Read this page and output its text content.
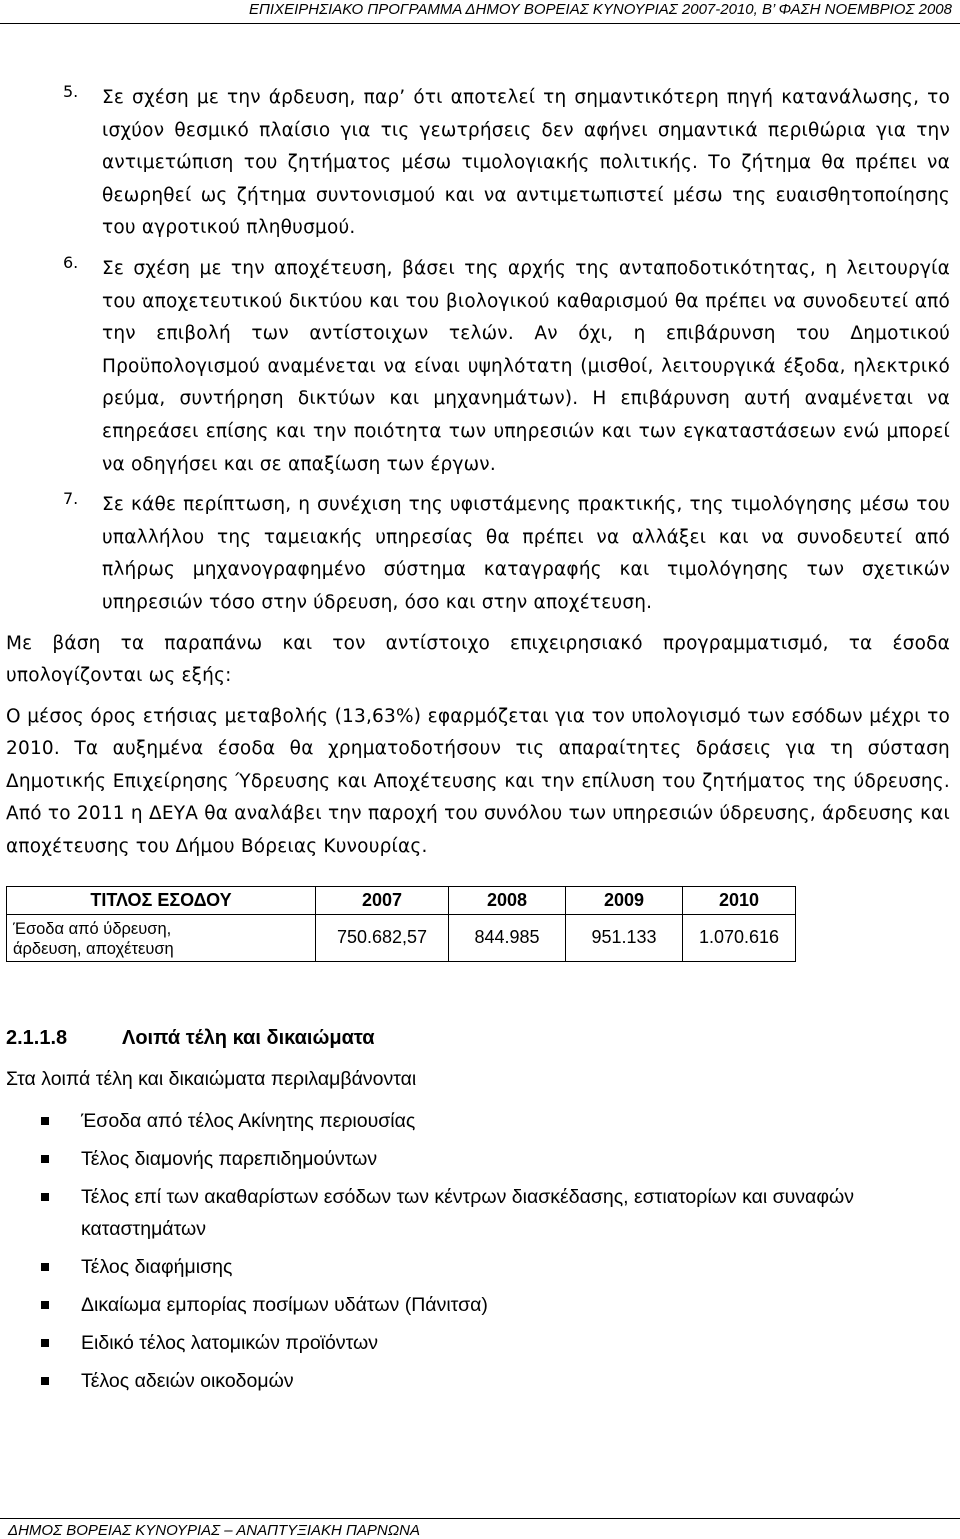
ΕΠΙΧΕΙΡΗΣΙΑΚΟ ΠΡΟΓΡΑΜΜΑ ΔΗΜΟΥ ΒΟΡΕΙΑΣ ΚΥΝΟΥΡΙΑΣ 2007-2010, Β’ ΦΑΣΗ ΝΟΕΜΒΡΙΟΣ 2008
5. Σε σχέση με την άρδευση, παρ’ ότι αποτελεί τη σημαντικότερη πηγή κατανάλωσης, το ισχύον θεσμικό πλαίσιο για τις γεωτρήσεις δεν αφήνει σημαντικά περιθώρια για την αντιμετώπιση του ζητήματος μέσω τιμολογιακής πολιτικής. Το ζήτημα θα πρέπει να θεωρηθεί ως ζήτημα συντονισμού και να αντιμετωπιστεί μέσω της ευαισθητοποίησης του αγροτικού πληθυσμού.

6. Σε σχέση με την αποχέτευση, βάσει της αρχής της ανταποδοτικότητας, η λειτουργία του αποχετευτικού δικτύου και του βιολογικού καθαρισμού θα πρέπει να συνοδευτεί από την επιβολή των αντίστοιχων τελών. Αν όχι, η επιβάρυνση του Δημοτικού Προϋπολογισμού αναμένεται να είναι υψηλότατη (μισθοί, λειτουργικά έξοδα, ηλεκτρικό ρεύμα, συντήρηση δικτύων και μηχανημάτων). Η επιβάρυνση αυτή αναμένεται να επηρεάσει επίσης και την ποιότητα των υπηρεσιών και των εγκαταστάσεων ενώ μπορεί να οδηγήσει και σε απαξίωση των έργων.

7. Σε κάθε περίπτωση, η συνέχιση της υφιστάμενης πρακτικής, της τιμολόγησης μέσω του υπαλλήλου της ταμειακής υπηρεσίας θα πρέπει να αλλάξει και να συνοδευτεί από πλήρως μηχανογραφημένο σύστημα καταγραφής και τιμολόγησης των σχετικών υπηρεσιών τόσο στην ύδρευση, όσο και στην αποχέτευση.

Με βάση τα παραπάνω και τον αντίστοιχο επιχειρησιακό προγραμματισμό, τα έσοδα υπολογίζονται ως εξής:

Ο μέσος όρος ετήσιας μεταβολής (13,63%) εφαρμόζεται για τον υπολογισμό των εσόδων μέχρι το 2010. Τα αυξημένα έσοδα θα χρηματοδοτήσουν τις απαραίτητες δράσεις για τη σύσταση Δημοτικής Επιχείρησης Ύδρευσης και Αποχέτευσης και την επίλυση του ζητήματος της ύδρευσης. Από το 2011 η ΔΕΥΑ θα αναλάβει την παροχή του συνόλου των υπηρεσιών ύδρευσης, άρδευσης και αποχέτευσης του Δήμου Βόρειας Κυνουρίας.

ΤΙΤΛΟΣ ΕΣΟΔΟΥ	2007	2008	2009	2010

Έσοδα από ύδρευση,
άρδευση, αποχέτευση	750.682,57	844.985	951.133	1.070.616
2.1.1.8	Λοιπά τέλη και δικαιώματα

Στα λοιπά τέλη και δικαιώματα περιλαμβάνονται

Έσοδα από τέλος Ακίνητης περιουσίας
Τέλος διαμονής παρεπιδημούντων
Τέλος επί των ακαθαρίστων εσόδων των κέντρων διασκέδασης, εστιατορίων και συναφών καταστημάτων
Τέλος διαφήμισης
Δικαίωμα εμπορίας ποσίμων υδάτων (Πάνιτσα)
Ειδικό τέλος λατομικών προϊόντων
Τέλος αδειών οικοδομών
ΔΗΜΟΣ ΒΟΡΕΙΑΣ ΚΥΝΟΥΡΙΑΣ – ΑΝΑΠΤΥΞΙΑΚΗ ΠΑΡΝΩΝΑ
